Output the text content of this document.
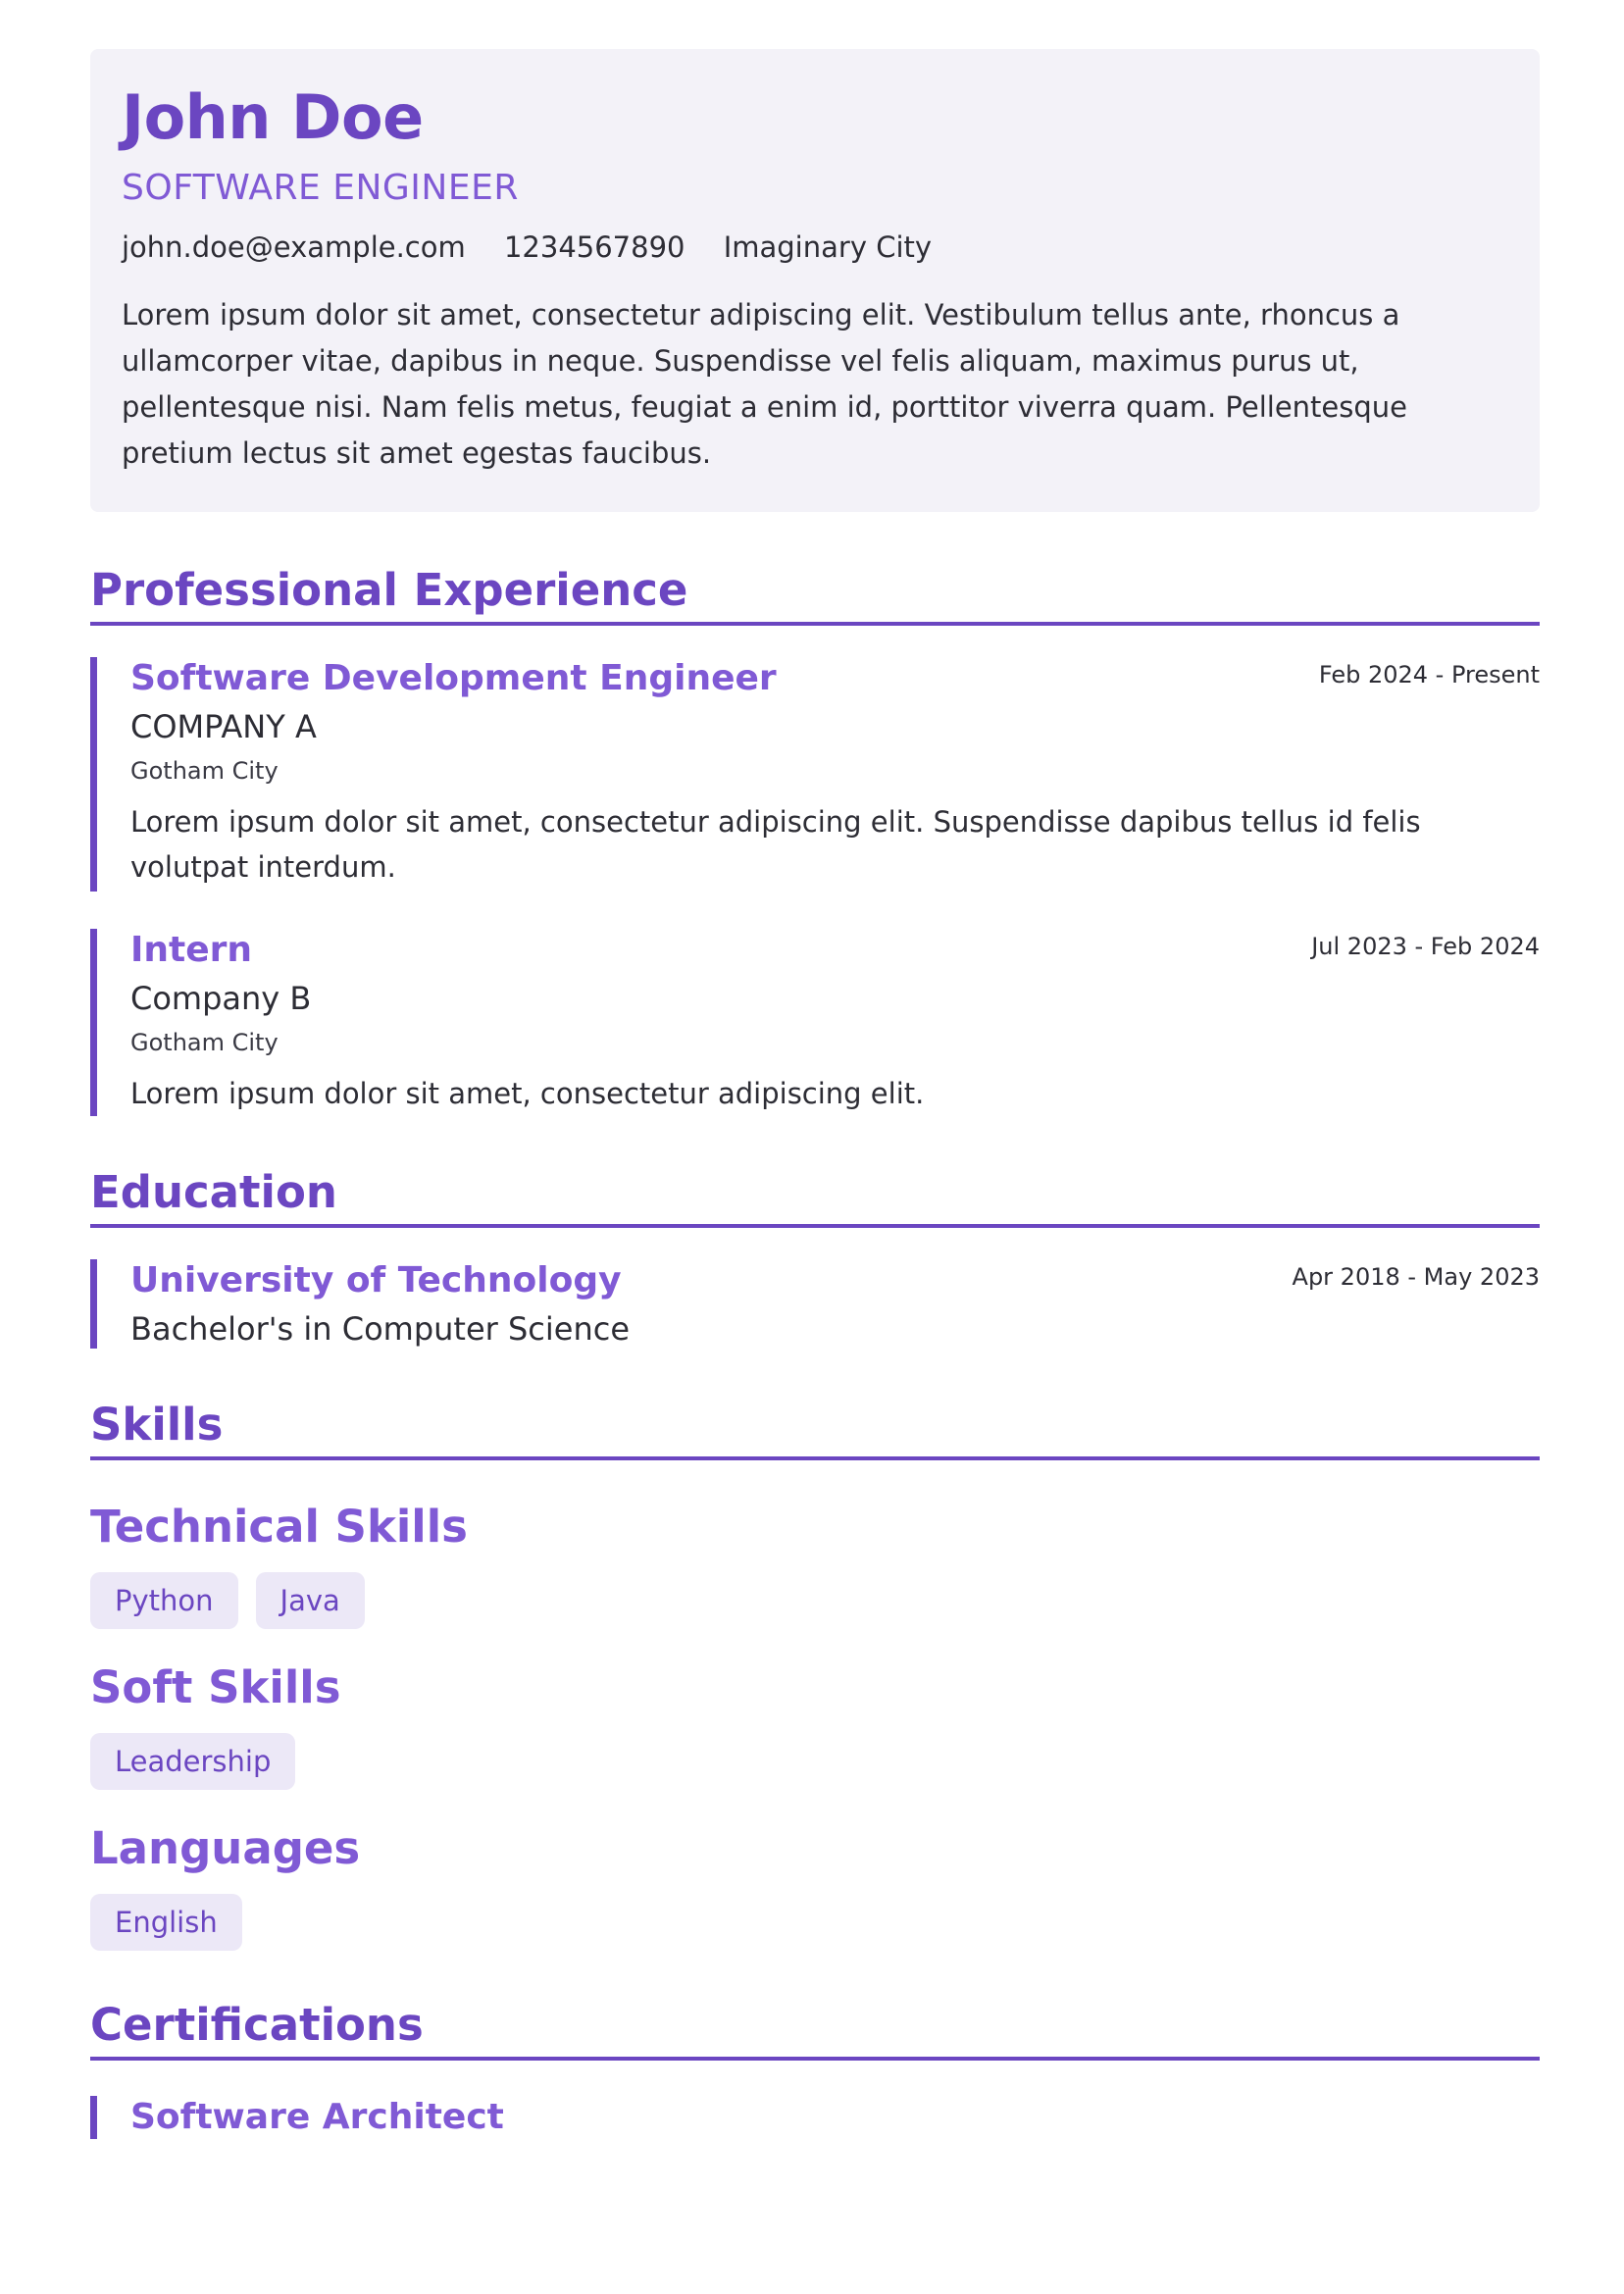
John Doe
SOFTWARE ENGINEER
john.doe@example.com 1234567890 Imaginary City
Lorem ipsum dolor sit amet, consectetur adipiscing elit. Vestibulum tellus ante, rhoncus a ullamcorper vitae, dapibus in neque. Suspendisse vel felis aliquam, maximus purus ut, pellentesque nisi. Nam felis metus, feugiat a enim id, porttitor viverra quam. Pellentesque pretium lectus sit amet egestas faucibus.
Professional Experience
Feb 2024 - Present
Software Development Engineer
COMPANY A
Gotham City
Lorem ipsum dolor sit amet, consectetur adipiscing elit. Suspendisse dapibus tellus id felis volutpat interdum.
Jul 2023 - Feb 2024
Intern
Company B
Gotham City
Lorem ipsum dolor sit amet, consectetur adipiscing elit.
Education
Apr 2018 - May 2023
University of Technology
Bachelor's in Computer Science
Skills
Technical Skills
Python	Java
Soft Skills
Leadership
Languages
English
Certifications
Software Architect
